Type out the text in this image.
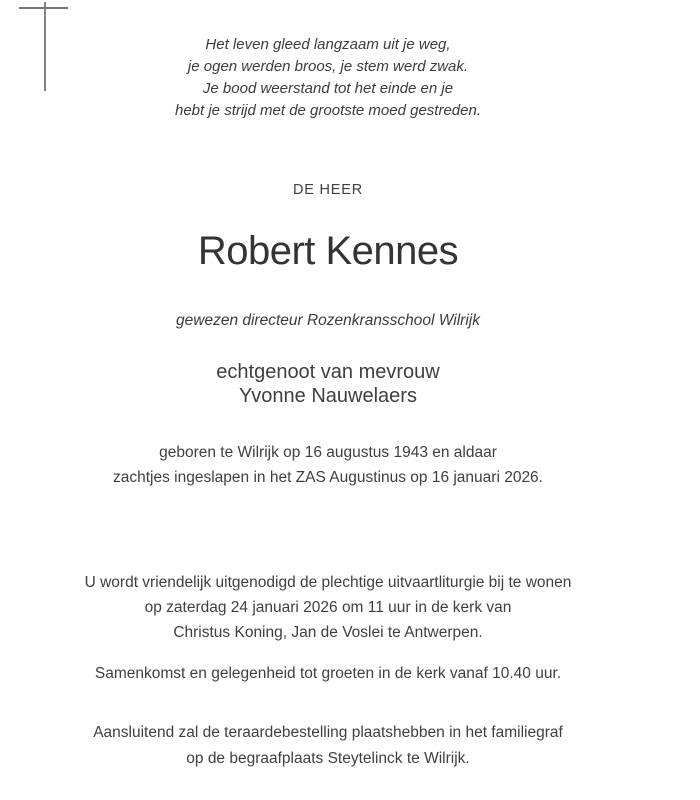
Het leven gleed langzaam uit je weg,
je ogen werden broos, je stem werd zwak.
Je bood weerstand tot het einde en je
hebt je strijd met de grootste moed gestreden.
DE HEER
Robert Kennes
gewezen directeur Rozenkransschool Wilrijk
echtgenoot van mevrouw
Yvonne Nauwelaers
geboren te Wilrijk op 16 augustus 1943 en aldaar
zachtjes ingeslapen in het ZAS Augustinus op 16 januari 2026.
U wordt vriendelijk uitgenodigd de plechtige uitvaartliturgie bij te wonen
op zaterdag 24 januari 2026 om 11 uur in de kerk van
Christus Koning, Jan de Voslei te Antwerpen.
Samenkomst en gelegenheid tot groeten in de kerk vanaf 10.40 uur.
Aansluitend zal de teraardebestelling plaatshebben in het familiegraf
op de begraafplaats Steytelinck te Wilrijk.
